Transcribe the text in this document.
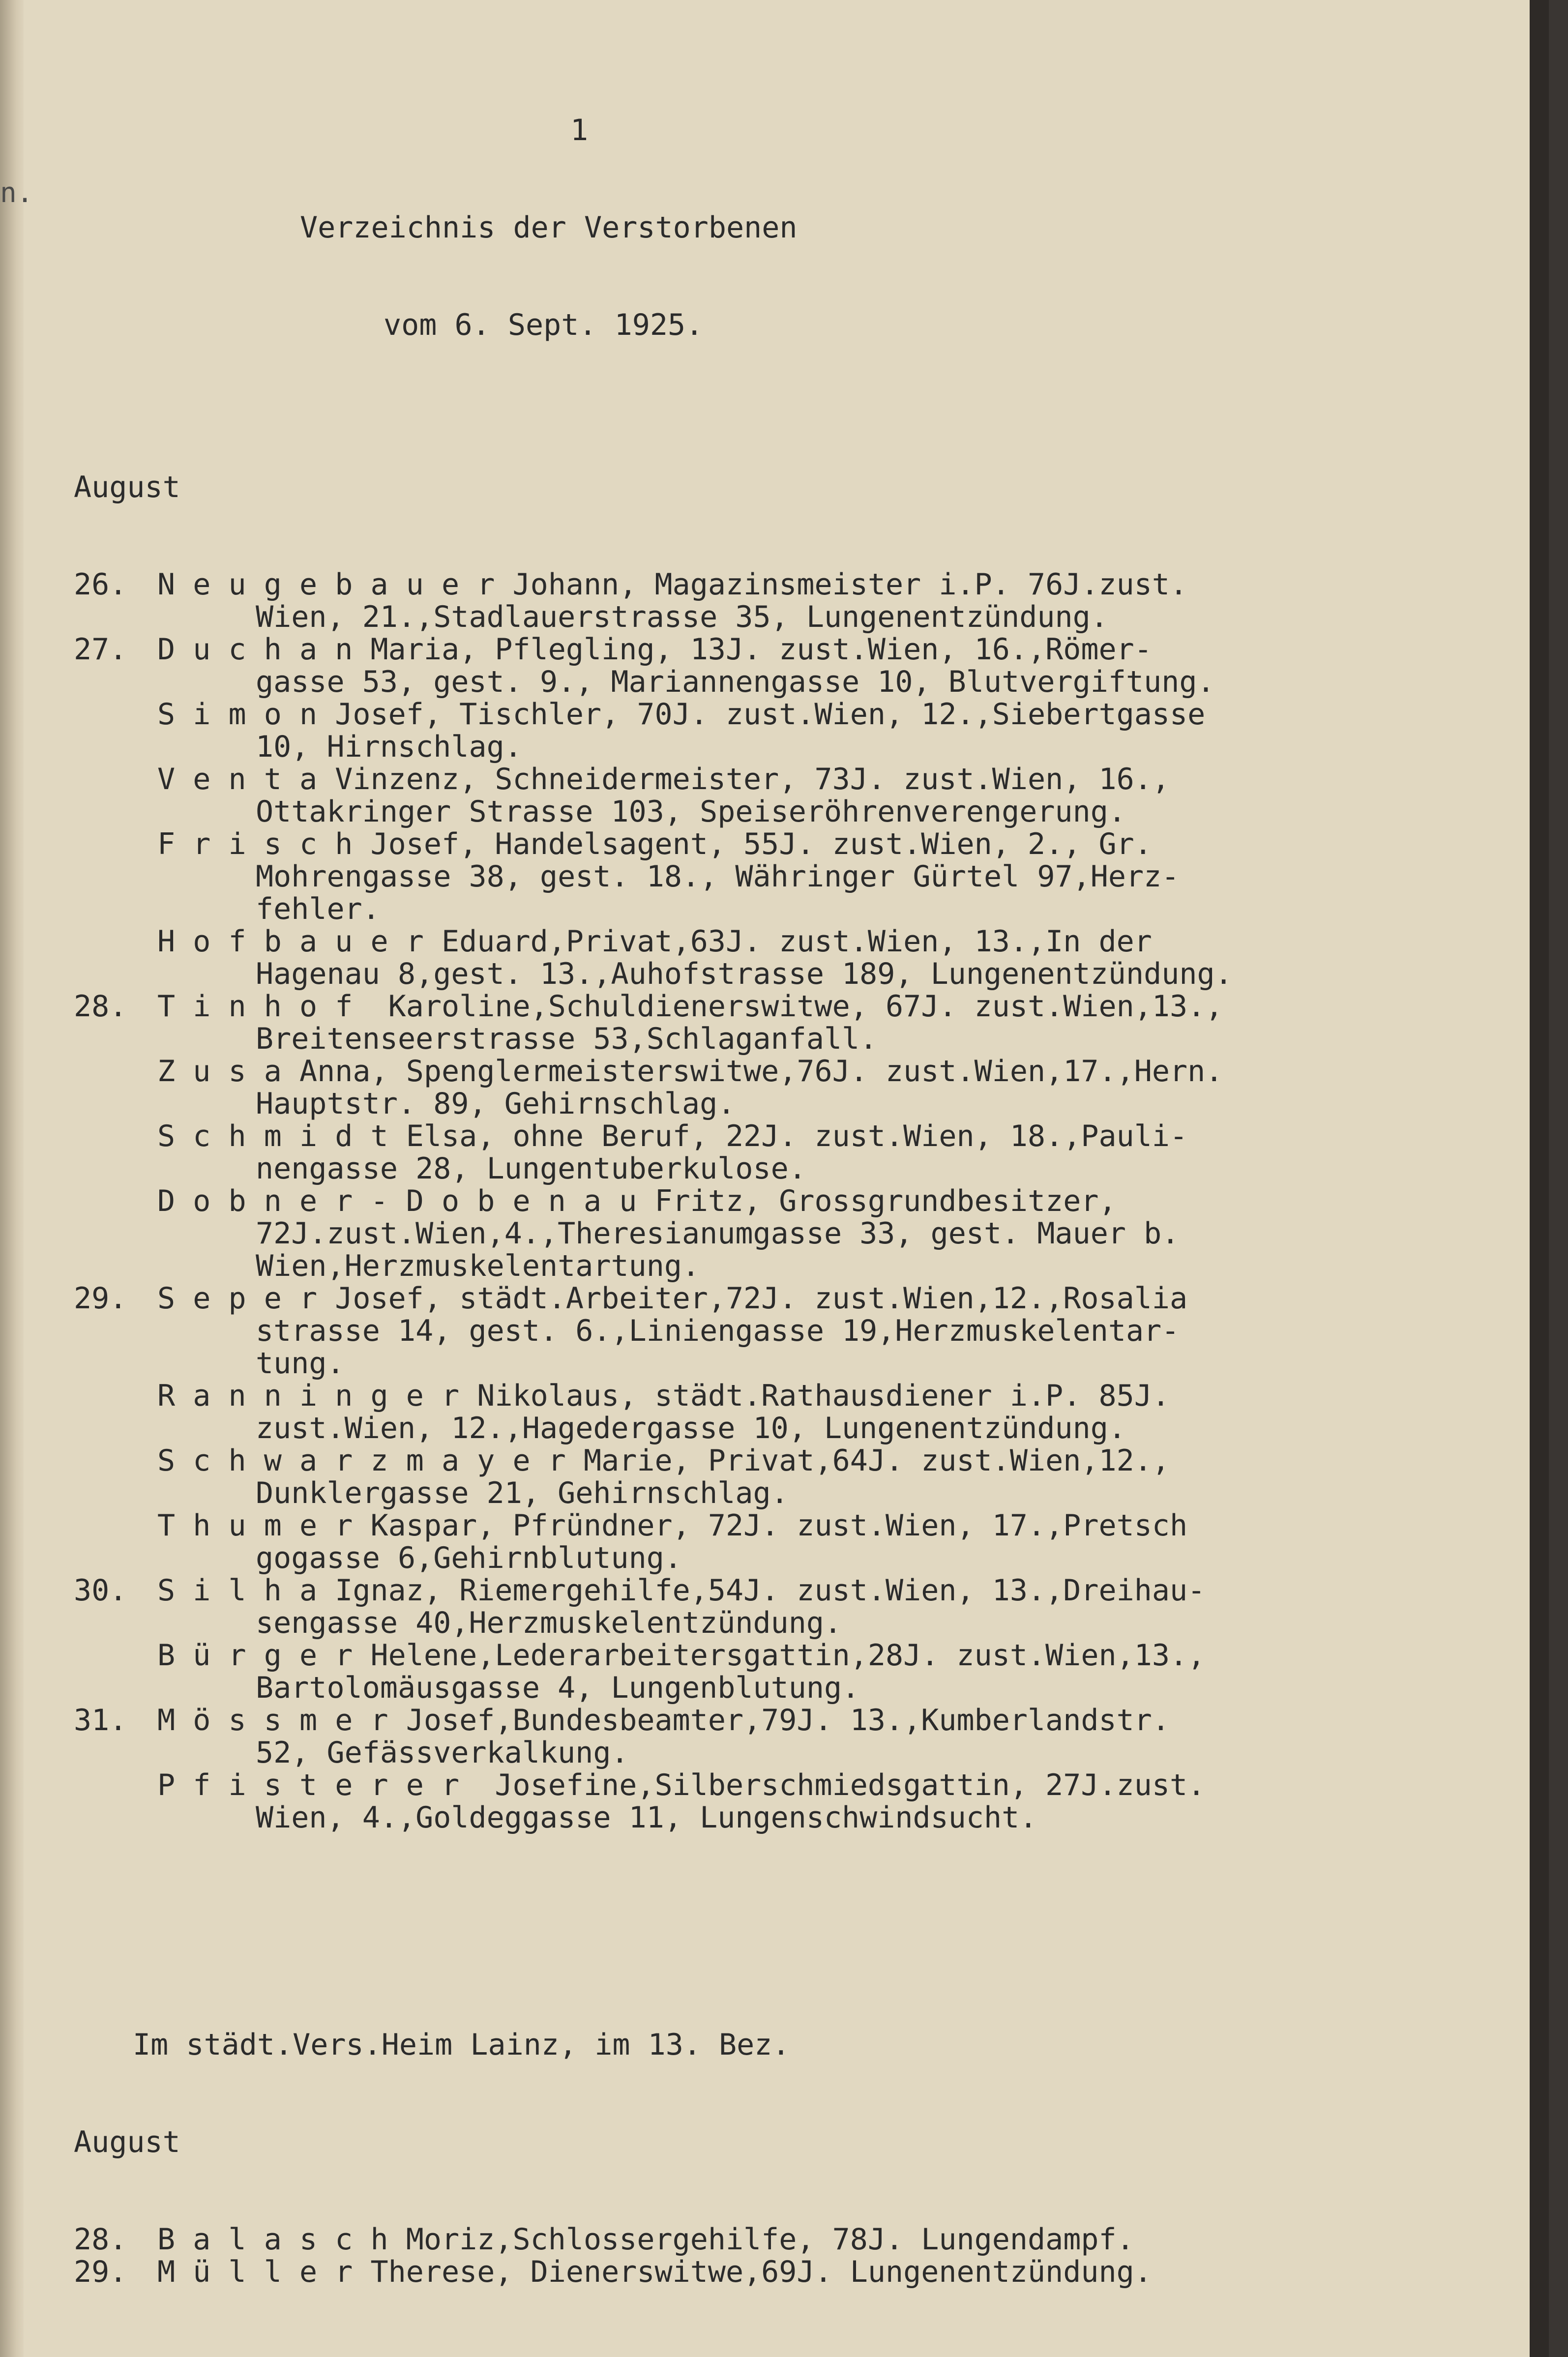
n.

1

Verzeichnis der Verstorbenen

vom 6. Sept. 1925.

August

26. N e u g e b a u e r Johann, Magazinsmeister i.P. 76J.zust.
Wien, 21.,Stadlauerstrasse 35, Lungenentzündung.
27. D u c h a n Maria, Pflegling, 13J. zust.Wien, 16.,Römer-
gasse 53, gest. 9., Mariannengasse 10, Blutvergiftung.
S i m o n Josef, Tischler, 70J. zust.Wien, 12.,Siebertgasse
10, Hirnschlag.
V e n t a Vinzenz, Schneidermeister, 73J. zust.Wien, 16.,
Ottakringer Strasse 103, Speiseröhrenverengerung.
F r i s c h Josef, Handelsagent, 55J. zust.Wien, 2., Gr.
Mohrengasse 38, gest. 18., Währinger Gürtel 97,Herz-
fehler.
H o f b a u e r Eduard,Privat,63J. zust.Wien, 13.,In der
Hagenau 8,gest. 13.,Auhofstrasse 189, Lungenentzündung.
28. T i n h o f  Karoline,Schuldienerswitwe, 67J. zust.Wien,13.,
Breitenseerstrasse 53,Schlaganfall.
Z u s a Anna, Spenglermeisterswitwe,76J. zust.Wien,17.,Hern.
Hauptstr. 89, Gehirnschlag.
S c h m i d t Elsa, ohne Beruf, 22J. zust.Wien, 18.,Pauli-
nengasse 28, Lungentuberkulose.
D o b n e r - D o b e n a u Fritz, Grossgrundbesitzer,
72J.zust.Wien,4.,Theresianumgasse 33, gest. Mauer b.
Wien,Herzmuskelentartung.
29. S e p e r Josef, städt.Arbeiter,72J. zust.Wien,12.,Rosalia
strasse 14, gest. 6.,Liniengasse 19,Herzmuskelentar-
tung.
R a n n i n g e r Nikolaus, städt.Rathausdiener i.P. 85J.
zust.Wien, 12.,Hagedergasse 10, Lungenentzündung.
S c h w a r z m a y e r Marie, Privat,64J. zust.Wien,12.,
Dunklergasse 21, Gehirnschlag.
T h u m e r Kaspar, Pfründner, 72J. zust.Wien, 17.,Pretsch
gogasse 6,Gehirnblutung.
30. S i l h a Ignaz, Riemergehilfe,54J. zust.Wien, 13.,Dreihau-
sengasse 40,Herzmuskelentzündung.
B ü r g e r Helene,Lederarbeitersgattin,28J. zust.Wien,13.,
Bartolomäusgasse 4, Lungenblutung.
31. M ö s s m e r Josef,Bundesbeamter,79J. 13.,Kumberlandstr.
52, Gefässverkalkung.
P f i s t e r e r  Josefine,Silberschmiedsgattin, 27J.zust.
Wien, 4.,Goldeggasse 11, Lungenschwindsucht.

Im städt.Vers.Heim Lainz, im 13. Bez.

August

28. B a l a s c h Moriz,Schlossergehilfe, 78J. Lungendampf.
29. M ü l l e r Therese, Dienerswitwe,69J. Lungenentzündung.
